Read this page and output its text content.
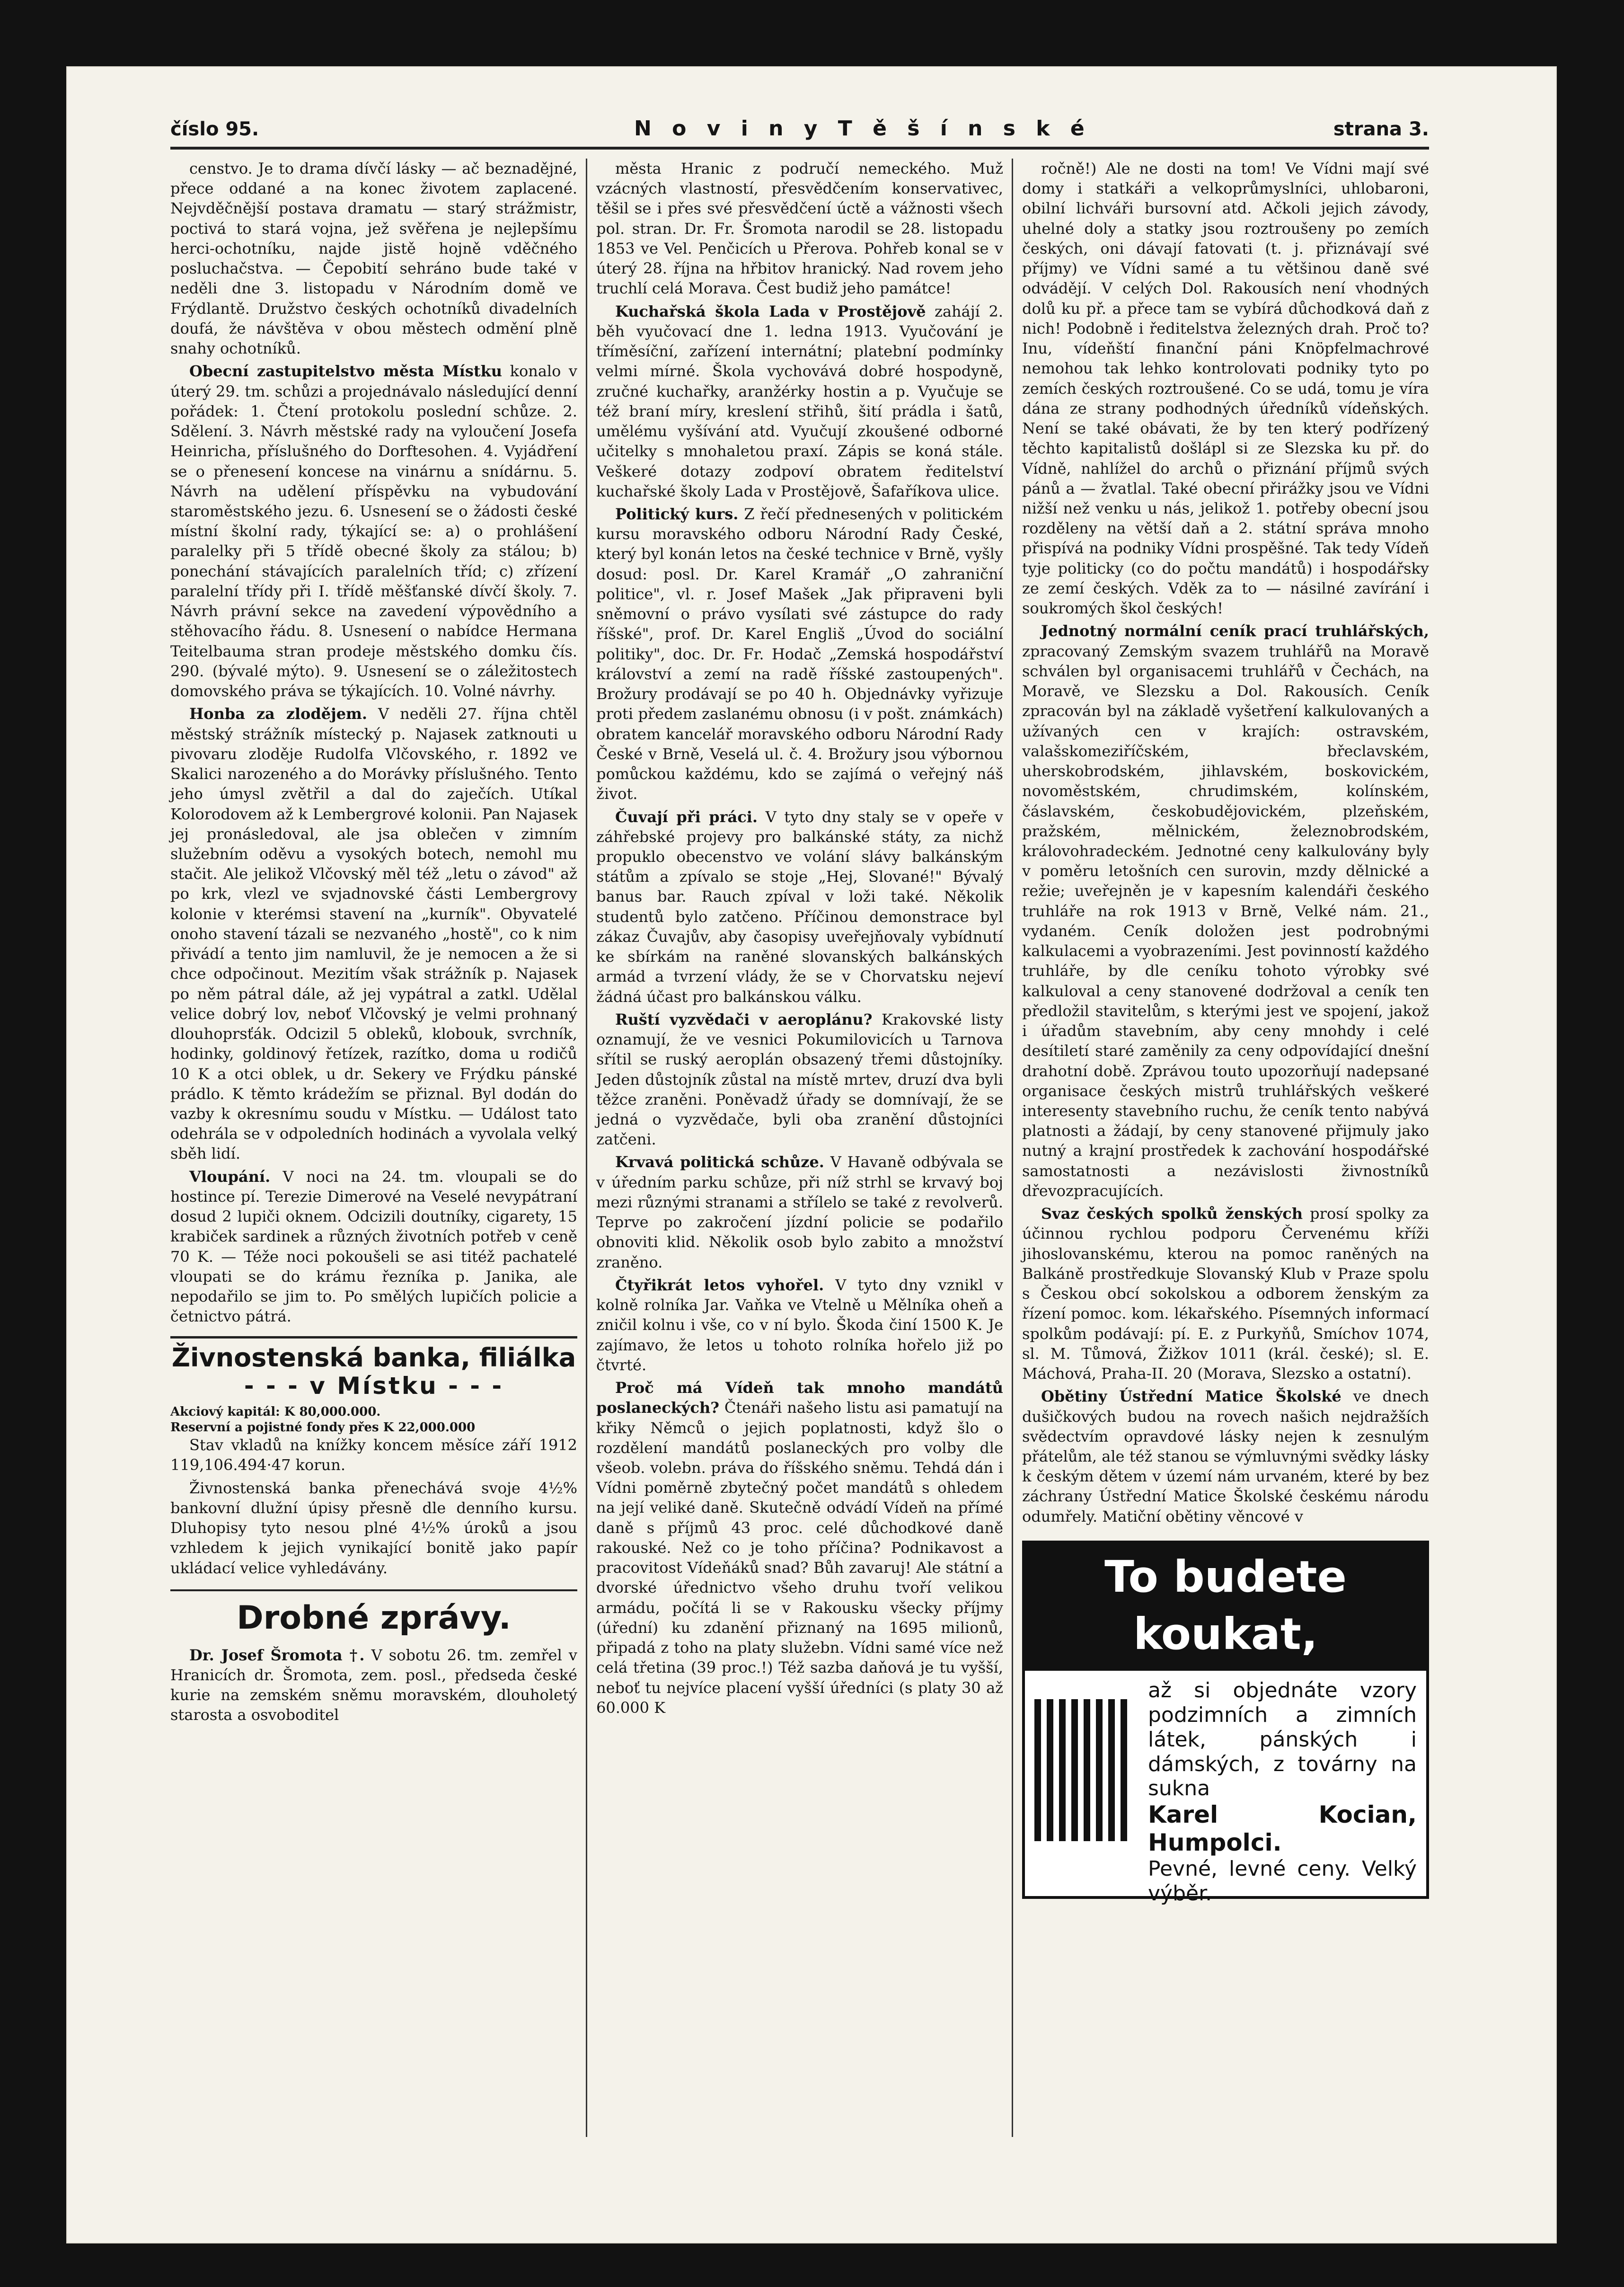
číslo 95.	N o v i n y T ě š í n s k é	strana 3.

censtvo. Je to drama dívčí lásky — ač beznadějné, přece oddané a na konec životem zaplacené. Nejvděčnější postava dramatu — starý strážmistr, poctivá to stará vojna, jež svěřena je nejlepšímu herci-ochotníku, najde jistě hojně vděčného posluchačstva. — Čepobití sehráno bude také v neděli dne 3. listopadu v Národním domě ve Frýdlantě. Družstvo českých ochotníků divadelních doufá, že návštěva v obou městech odmění plně snahy ochotníků.

Obecní zastupitelstvo města Místku konalo v úterý 29. tm. schůzi a projednávalo následující denní pořádek: 1. Čtení protokolu poslední schůze. 2. Sdělení. 3. Návrh městské rady na vyloučení Josefa Heinricha, příslušného do Dorftesohen. 4. Vyjádření se o přenesení koncese na vinárnu a snídárnu. 5. Návrh na udělení příspěvku na vybudování staroměstského jezu. 6. Usnesení se o žádosti české místní školní rady, týkající se: a) o prohlášení paralelky při 5 třídě obecné školy za stálou; b) ponechání stávajících paralelních tříd; c) zřízení paralelní třídy při I. třídě měšťanské dívčí školy. 7. Návrh právní sekce na zavedení výpovědního a stěhovacího řádu. 8. Usnesení o nabídce Hermana Teitelbauma stran prodeje městského domku čís. 290. (bývalé mýto). 9. Usnesení se o záležitostech domovského práva se týkajících. 10. Volné návrhy.

Honba za zlodějem. V neděli 27. října chtěl městský strážník místecký p. Najasek zatknouti u pivovaru zloděje Rudolfa Vlčovského, r. 1892 ve Skalici narozeného a do Morávky příslušného. Tento jeho úmysl zvětřil a dal do zaječích. Utíkal Kolorodovem až k Lembergrové kolonii. Pan Najasek jej pronásledoval, ale jsa oblečen v zimním služebním oděvu a vysokých botech, nemohl mu stačit. Ale jelikož Vlčovský měl též „letu o závod" až po krk, vlezl ve svjadnovské části Lembergrovy kolonie v kterémsi stavení na „kurník". Obyvatelé onoho stavení tázali se nezvaného „hostě", co k nim přivádí a tento jim namluvil, že je nemocen a že si chce odpočinout. Mezitím však strážník p. Najasek po něm pátral dále, až jej vypátral a zatkl. Udělal velice dobrý lov, neboť Vlčovský je velmi prohnaný dlouhoprsťák. Odcizil 5 obleků, klobouk, svrchník, hodinky, goldinový řetízek, razítko, doma u rodičů 10 K a otci oblek, u dr. Sekery ve Frýdku pánské prádlo. K těmto krádežím se přiznal. Byl dodán do vazby k okresnímu soudu v Místku. — Událost tato odehrála se v odpoledních hodinách a vyvolala velký sběh lidí.

Vloupání. V noci na 24. tm. vloupali se do hostince pí. Terezie Dimerové na Veselé nevypátraní dosud 2 lupiči oknem. Odcizili doutníky, cigarety, 15 krabiček sardinek a různých životních potřeb v ceně 70 K. — Téže noci pokoušeli se asi titéž pachatelé vloupati se do krámu řezníka p. Janika, ale nepodařilo se jim to. Po smělých lupičích policie a četnictvo pátrá.

Živnostenská banka, filiálka
- - - v Místku - - -
Akciový kapitál: K 80,000.000.
Reservní a pojistné fondy přes K 22,000.000

Stav vkladů na knížky koncem měsíce září 1912 119,106.494·47 korun.

Živnostenská banka přenechává svoje 4½% bankovní dlužní úpisy přesně dle denního kursu. Dluhopisy tyto nesou plné 4½% úroků a jsou vzhledem k jejich vynikající bonitě jako papír ukládací velice vyhledávány.

Drobné zprávy.

Dr. Josef Šromota †. V sobotu 26. tm. zemřel v Hranicích dr. Šromota, zem. posl., předseda české kurie na zemském sněmu moravském, dlouholetý starosta a osvoboditel

města Hranic z područí nemeckého. Muž vzácných vlastností, přesvědčením konservativec, těšil se i přes své přesvědčení úctě a vážnosti všech pol. stran. Dr. Fr. Šromota narodil se 28. listopadu 1853 ve Vel. Penčicích u Přerova. Pohřeb konal se v úterý 28. října na hřbitov hranický. Nad rovem jeho truchlí celá Morava. Čest budiž jeho památce!

Kuchařská škola Lada v Prostějově zahájí 2. běh vyučovací dne 1. ledna 1913. Vyučování je tříměsíční, zařízení internátní; platební podmínky velmi mírné. Škola vychovává dobré hospodyně, zručné kuchařky, aranžérky hostin a p. Vyučuje se též braní míry, kreslení střihů, šití prádla i šatů, umělému vyšívání atd. Vyučují zkoušené odborné učitelky s mnohaletou praxí. Zápis se koná stále. Veškeré dotazy zodpoví obratem ředitelství kuchařské školy Lada v Prostějově, Šafaříkova ulice.

Politický kurs. Z řečí přednesených v politickém kursu moravského odboru Národní Rady České, který byl konán letos na české technice v Brně, vyšly dosud: posl. Dr. Karel Kramář „O zahraniční politice", vl. r. Josef Mašek „Jak připraveni byli sněmovní o právo vysílati své zástupce do rady říšské", prof. Dr. Karel Engliš „Úvod do sociální politiky", doc. Dr. Fr. Hodač „Zemská hospodářství království a zemí na radě říšské zastoupených". Brožury prodávají se po 40 h. Objednávky vyřizuje proti předem zaslanému obnosu (i v pošt. známkách) obratem kancelář moravského odboru Národní Rady České v Brně, Veselá ul. č. 4. Brožury jsou výbornou pomůckou každému, kdo se zajímá o veřejný náš život.

Čuvají při práci. V tyto dny staly se v opeře v záhřebské projevy pro balkánské státy, za nichž propuklo obecenstvo ve volání slávy balkánským státům a zpívalo se stoje „Hej, Slované!" Bývalý banus bar. Rauch zpíval v loži také. Několik studentů bylo zatčeno. Příčinou demonstrace byl zákaz Čuvajův, aby časopisy uveřejňovaly vybídnutí ke sbírkám na raněné slovanských balkánských armád a tvrzení vlády, že se v Chorvatsku nejeví žádná účast pro balkánskou válku.

Ruští vyzvědači v aeroplánu? Krakovské listy oznamují, že ve vesnici Pokumilovicích u Tarnova sřítil se ruský aeroplán obsazený třemi důstojníky. Jeden důstojník zůstal na místě mrtev, druzí dva byli těžce zraněni. Poněvadž úřady se domnívají, že se jedná o vyzvědače, byli oba zranění důstojníci zatčeni.

Krvavá politická schůze. V Havaně odbývala se v úředním parku schůze, při níž strhl se krvavý boj mezi různými stranami a střílelo se také z revolverů. Teprve po zakročení jízdní policie se podařilo obnoviti klid. Několik osob bylo zabito a množství zraněno.

Čtyřikrát letos vyhořel. V tyto dny vznikl v kolně rolníka Jar. Vaňka ve Vtelně u Mělníka oheň a zničil kolnu i vše, co v ní bylo. Škoda činí 1500 K. Je zajímavo, že letos u tohoto rolníka hořelo již po čtvrté.

Proč má Vídeň tak mnoho mandátů poslaneckých? Čtenáři našeho listu asi pamatují na křiky Němců o jejich poplatnosti, když šlo o rozdělení mandátů poslaneckých pro volby dle všeob. volebn. práva do říšského sněmu. Tehdá dán i Vídni poměrně zbytečný počet mandátů s ohledem na její veliké daně. Skutečně odvádí Vídeň na přímé daně s příjmů 43 proc. celé důchodkové daně rakouské. Než co je toho příčina? Podnikavost a pracovitost Vídeňáků snad? Bůh zavaruj! Ale státní a dvorské úřednictvo všeho druhu tvoří velikou armádu, počítá li se v Rakousku všecky příjmy (úřední) ku zdanění přiznaný na 1695 milionů, připadá z toho na platy služebn. Vídni samé více než celá třetina (39 proc.!) Též sazba daňová je tu vyšší, neboť tu nejvíce placení vyšší úředníci (s platy 30 až 60.000 K

ročně!) Ale ne dosti na tom! Ve Vídni mají své domy i statkáři a velkoprůmyslníci, uhlobaroni, obilní lichváři bursovní atd. Ačkoli jejich závody, uhelné doly a statky jsou roztroušeny po zemích českých, oni dávají fatovati (t. j. přiznávají své příjmy) ve Vídni samé a tu většinou daně své odvádějí. V celých Dol. Rakousích není vhodných dolů ku př. a přece tam se vybírá důchodková daň z nich! Podobně i ředitelstva železných drah. Proč to? Inu, vídeňští finanční páni Knöpfelmachrové nemohou tak lehko kontrolovati podniky tyto po zemích českých roztroušené. Co se udá, tomu je víra dána ze strany podhodných úředníků vídeňských. Není se také obávati, že by ten který podřízený těchto kapitalistů došlápl si ze Slezska ku př. do Vídně, nahlížel do archů o přiznání příjmů svých pánů a — žvatlal. Také obecní přirážky jsou ve Vídni nižší než venku u nás, jelikož 1. potřeby obecní jsou rozděleny na větší daň a 2. státní správa mnoho přispívá na podniky Vídni prospěšné. Tak tedy Vídeň tyje politicky (co do počtu mandátů) i hospodářsky ze zemí českých. Vděk za to — násilné zavírání i soukromých škol českých!

Jednotný normální ceník prací truhlářských, zpracovaný Zemským svazem truhlářů na Moravě schválen byl organisacemi truhlářů v Čechách, na Moravě, ve Slezsku a Dol. Rakousích. Ceník zpracován byl na základě vyšetření kalkulovaných a užívaných cen v krajích: ostravském, valašskomeziříčském, břeclavském, uherskobrodském, jihlavském, boskovickém, novoměstském, chrudimském, kolínském, čáslavském, českobudějovickém, plzeňském, pražském, mělnickém, železnobrodském, královohradeckém. Jednotné ceny kalkulovány byly v poměru letošních cen surovin, mzdy dělnické a režie; uveřejněn je v kapesním kalendáři českého truhláře na rok 1913 v Brně, Velké nám. 21., vydaném. Ceník doložen jest podrobnými kalkulacemi a vyobrazeními. Jest povinností každého truhláře, by dle ceníku tohoto výrobky své kalkuloval a ceny stanovené dodržoval a ceník ten předložil stavitelům, s kterými jest ve spojení, jakož i úřadům stavebním, aby ceny mnohdy i celé desítiletí staré zaměnily za ceny odpovídající dnešní drahotní době. Zprávou touto upozorňují nadepsané organisace českých mistrů truhlářských veškeré interesenty stavebního ruchu, že ceník tento nabývá platnosti a žádají, by ceny stanovené přijmuly jako nutný a krajní prostředek k zachování hospodářské samostatnosti a nezávislosti živnostníků dřevozpracujících.

Svaz českých spolků ženských prosí spolky za účinnou rychlou podporu Červenému kříži jihoslovanskému, kterou na pomoc raněných na Balkáně prostředkuje Slovanský Klub v Praze spolu s Českou obcí sokolskou a odborem ženským za řízení pomoc. kom. lékařského. Písemných informací spolkům podávají: pí. E. z Purkyňů, Smíchov 1074, sl. M. Tůmová, Žižkov 1011 (král. české); sl. E. Máchová, Praha-II. 20 (Morava, Slezsko a ostatní).

Obětiny Ústřední Matice Školské ve dnech dušičkových budou na rovech našich nejdražších svědectvím opravdové lásky nejen k zesnulým přátelům, ale též stanou se výmluvnými svědky lásky k českým dětem v území nám urvaném, které by bez záchrany Ústřední Matice Školské českému národu odumřely. Matiční obětiny věncové v

To budete koukat,
až si objednáte vzory podzimních a zimních látek, pánských i dámských, z továrny na sukna
Karel Kocian, Humpolci.
Pevné, levné ceny. Velký výběr.
